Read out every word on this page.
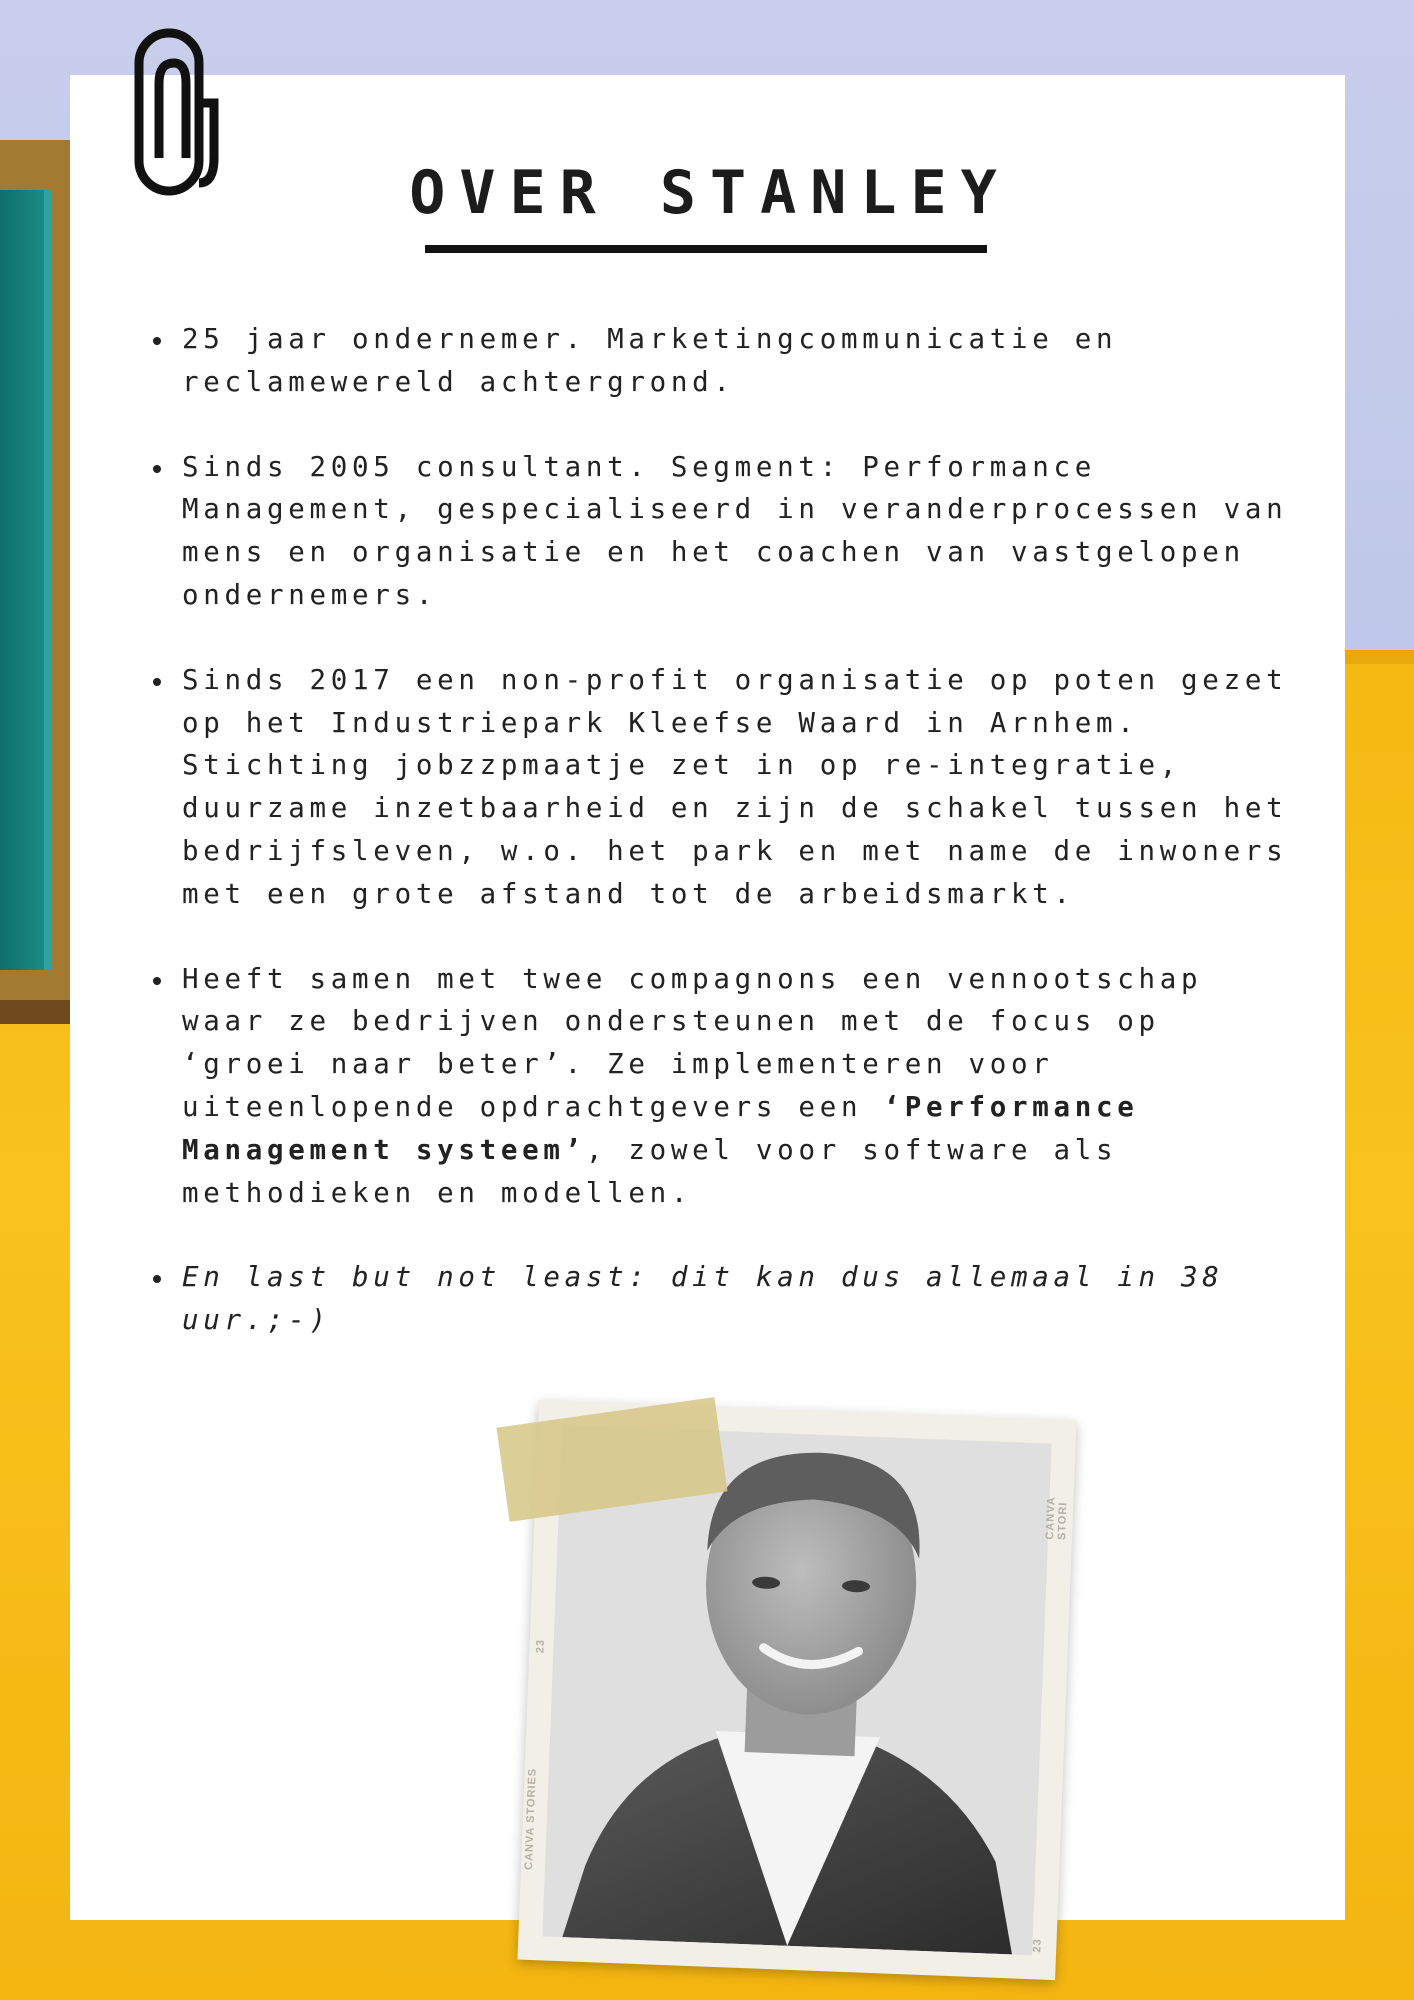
OVER STANLEY
25 jaar ondernemer. Marketingcommunicatie en reclamewereld achtergrond.
Sinds 2005 consultant. Segment: Performance Management, gespecialiseerd in veranderprocessen van mens en organisatie en het coachen van vastgelopen ondernemers.
Sinds 2017 een non-profit organisatie op poten gezet op het Industriepark Kleefse Waard in Arnhem. Stichting jobzzpmaatje zet in op re-integratie, duurzame inzetbaarheid en zijn de schakel tussen het bedrijfsleven, w.o. het park en met name de inwoners met een grote afstand tot de arbeidsmarkt.
Heeft samen met twee compagnons een vennootschap waar ze bedrijven ondersteunen met de focus op ‘groei naar beter’. Ze implementeren voor uiteenlopende opdrachtgevers een ‘Performance Management systeem’, zowel voor software als methodieken en modellen.
En last but not least: dit kan dus allemaal in 38 uur.;-)
CANVA STORIES
CANVA STORI
23
23
